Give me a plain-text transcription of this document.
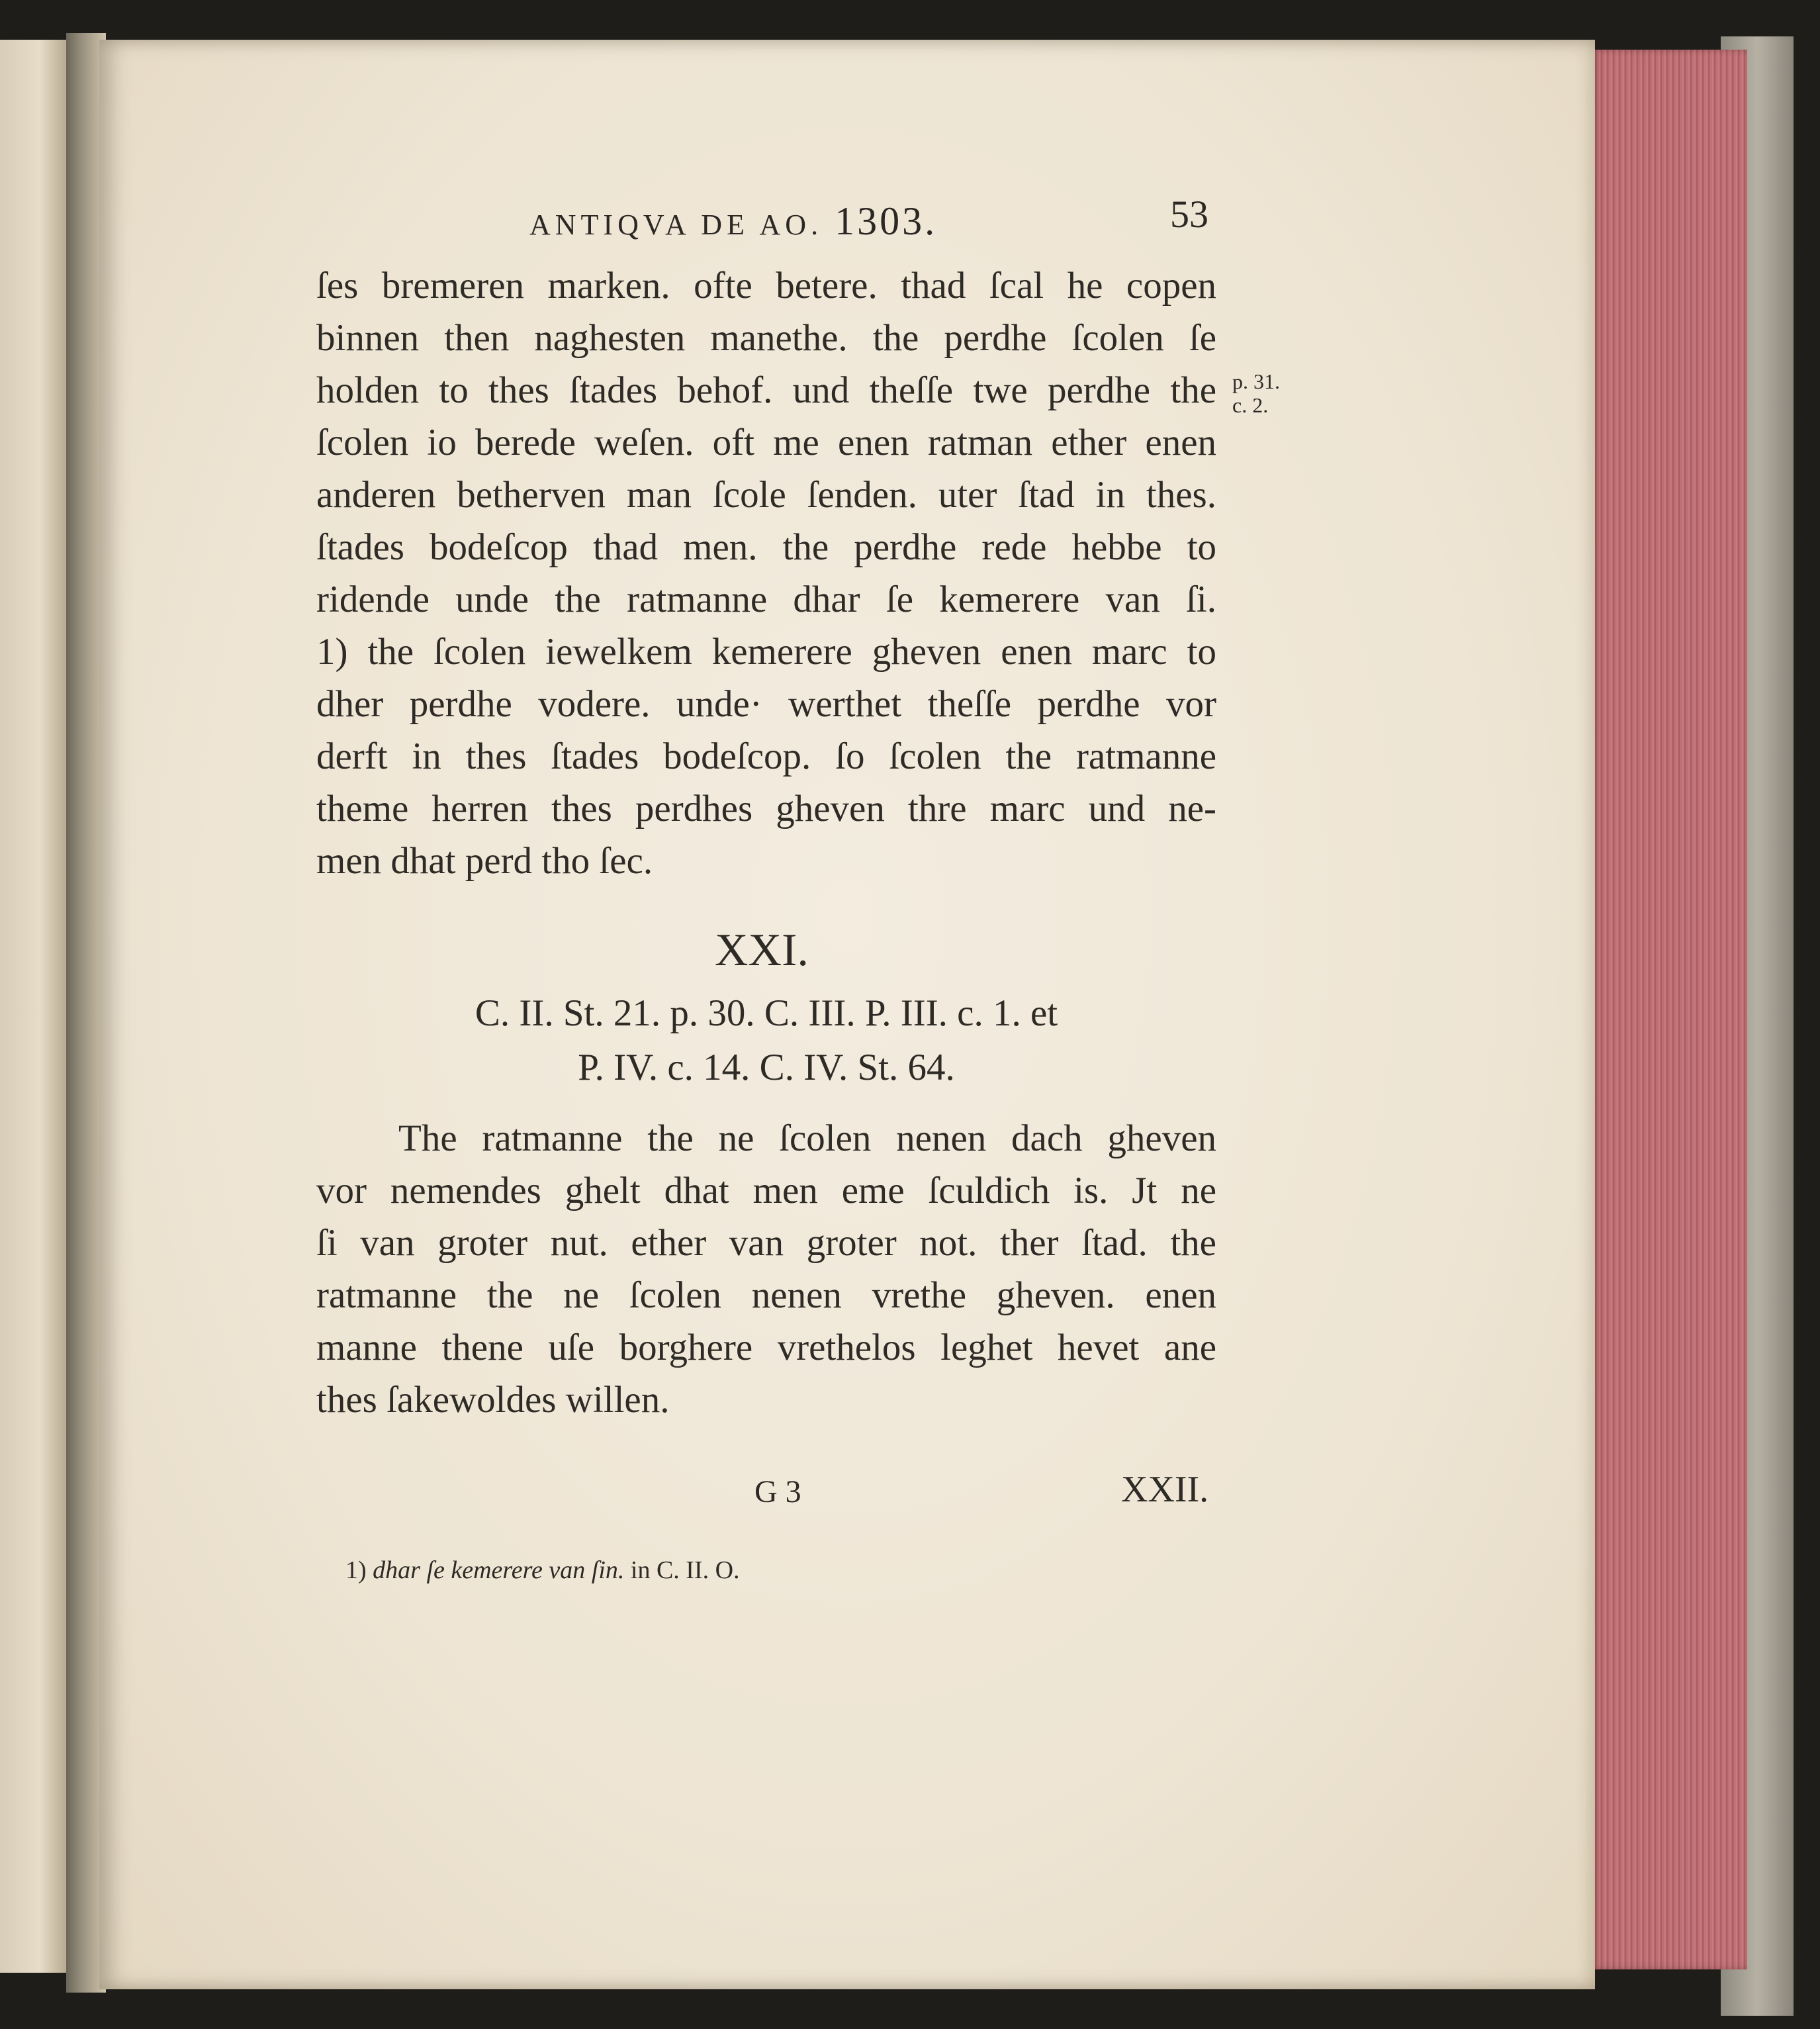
ANTIQVA DE AO. 1303.	53
ſes bremeren marken. ofte betere. thad ſcal he copen
binnen then naghesten manethe. the perdhe ſcolen ſe
holden to thes ſtades behof. und theſſe twe perdhe the
ſcolen io berede weſen. oft me enen ratman ether enen
anderen betherven man ſcole ſenden. uter ſtad in thes.
ſtades bodeſcop thad men. the perdhe rede hebbe to
ridende unde the ratmanne dhar ſe kemerere van ſi.
1) the ſcolen iewelkem kemerere gheven enen marc to
dher perdhe vodere. unde· werthet theſſe perdhe vor
derft in thes ſtades bodeſcop. ſo ſcolen the ratmanne
theme herren thes perdhes gheven thre marc und ne-
men dhat perd tho ſec.
p. 31.
c. 2.
XXI.
C. II. St. 21. p. 30. C. III. P. III. c. 1. et
P. IV. c. 14. C. IV. St. 64.
The ratmanne the ne ſcolen nenen dach gheven
vor nemendes ghelt dhat men eme ſculdich is. Jt ne
ſi van groter nut. ether van groter not. ther ſtad. the
ratmanne the ne ſcolen nenen vrethe gheven. enen
manne thene uſe borghere vrethelos leghet hevet ane
thes ſakewoldes willen.
G 3	XXII.
1) dhar ſe kemerere van ſin. in C. II. O.
